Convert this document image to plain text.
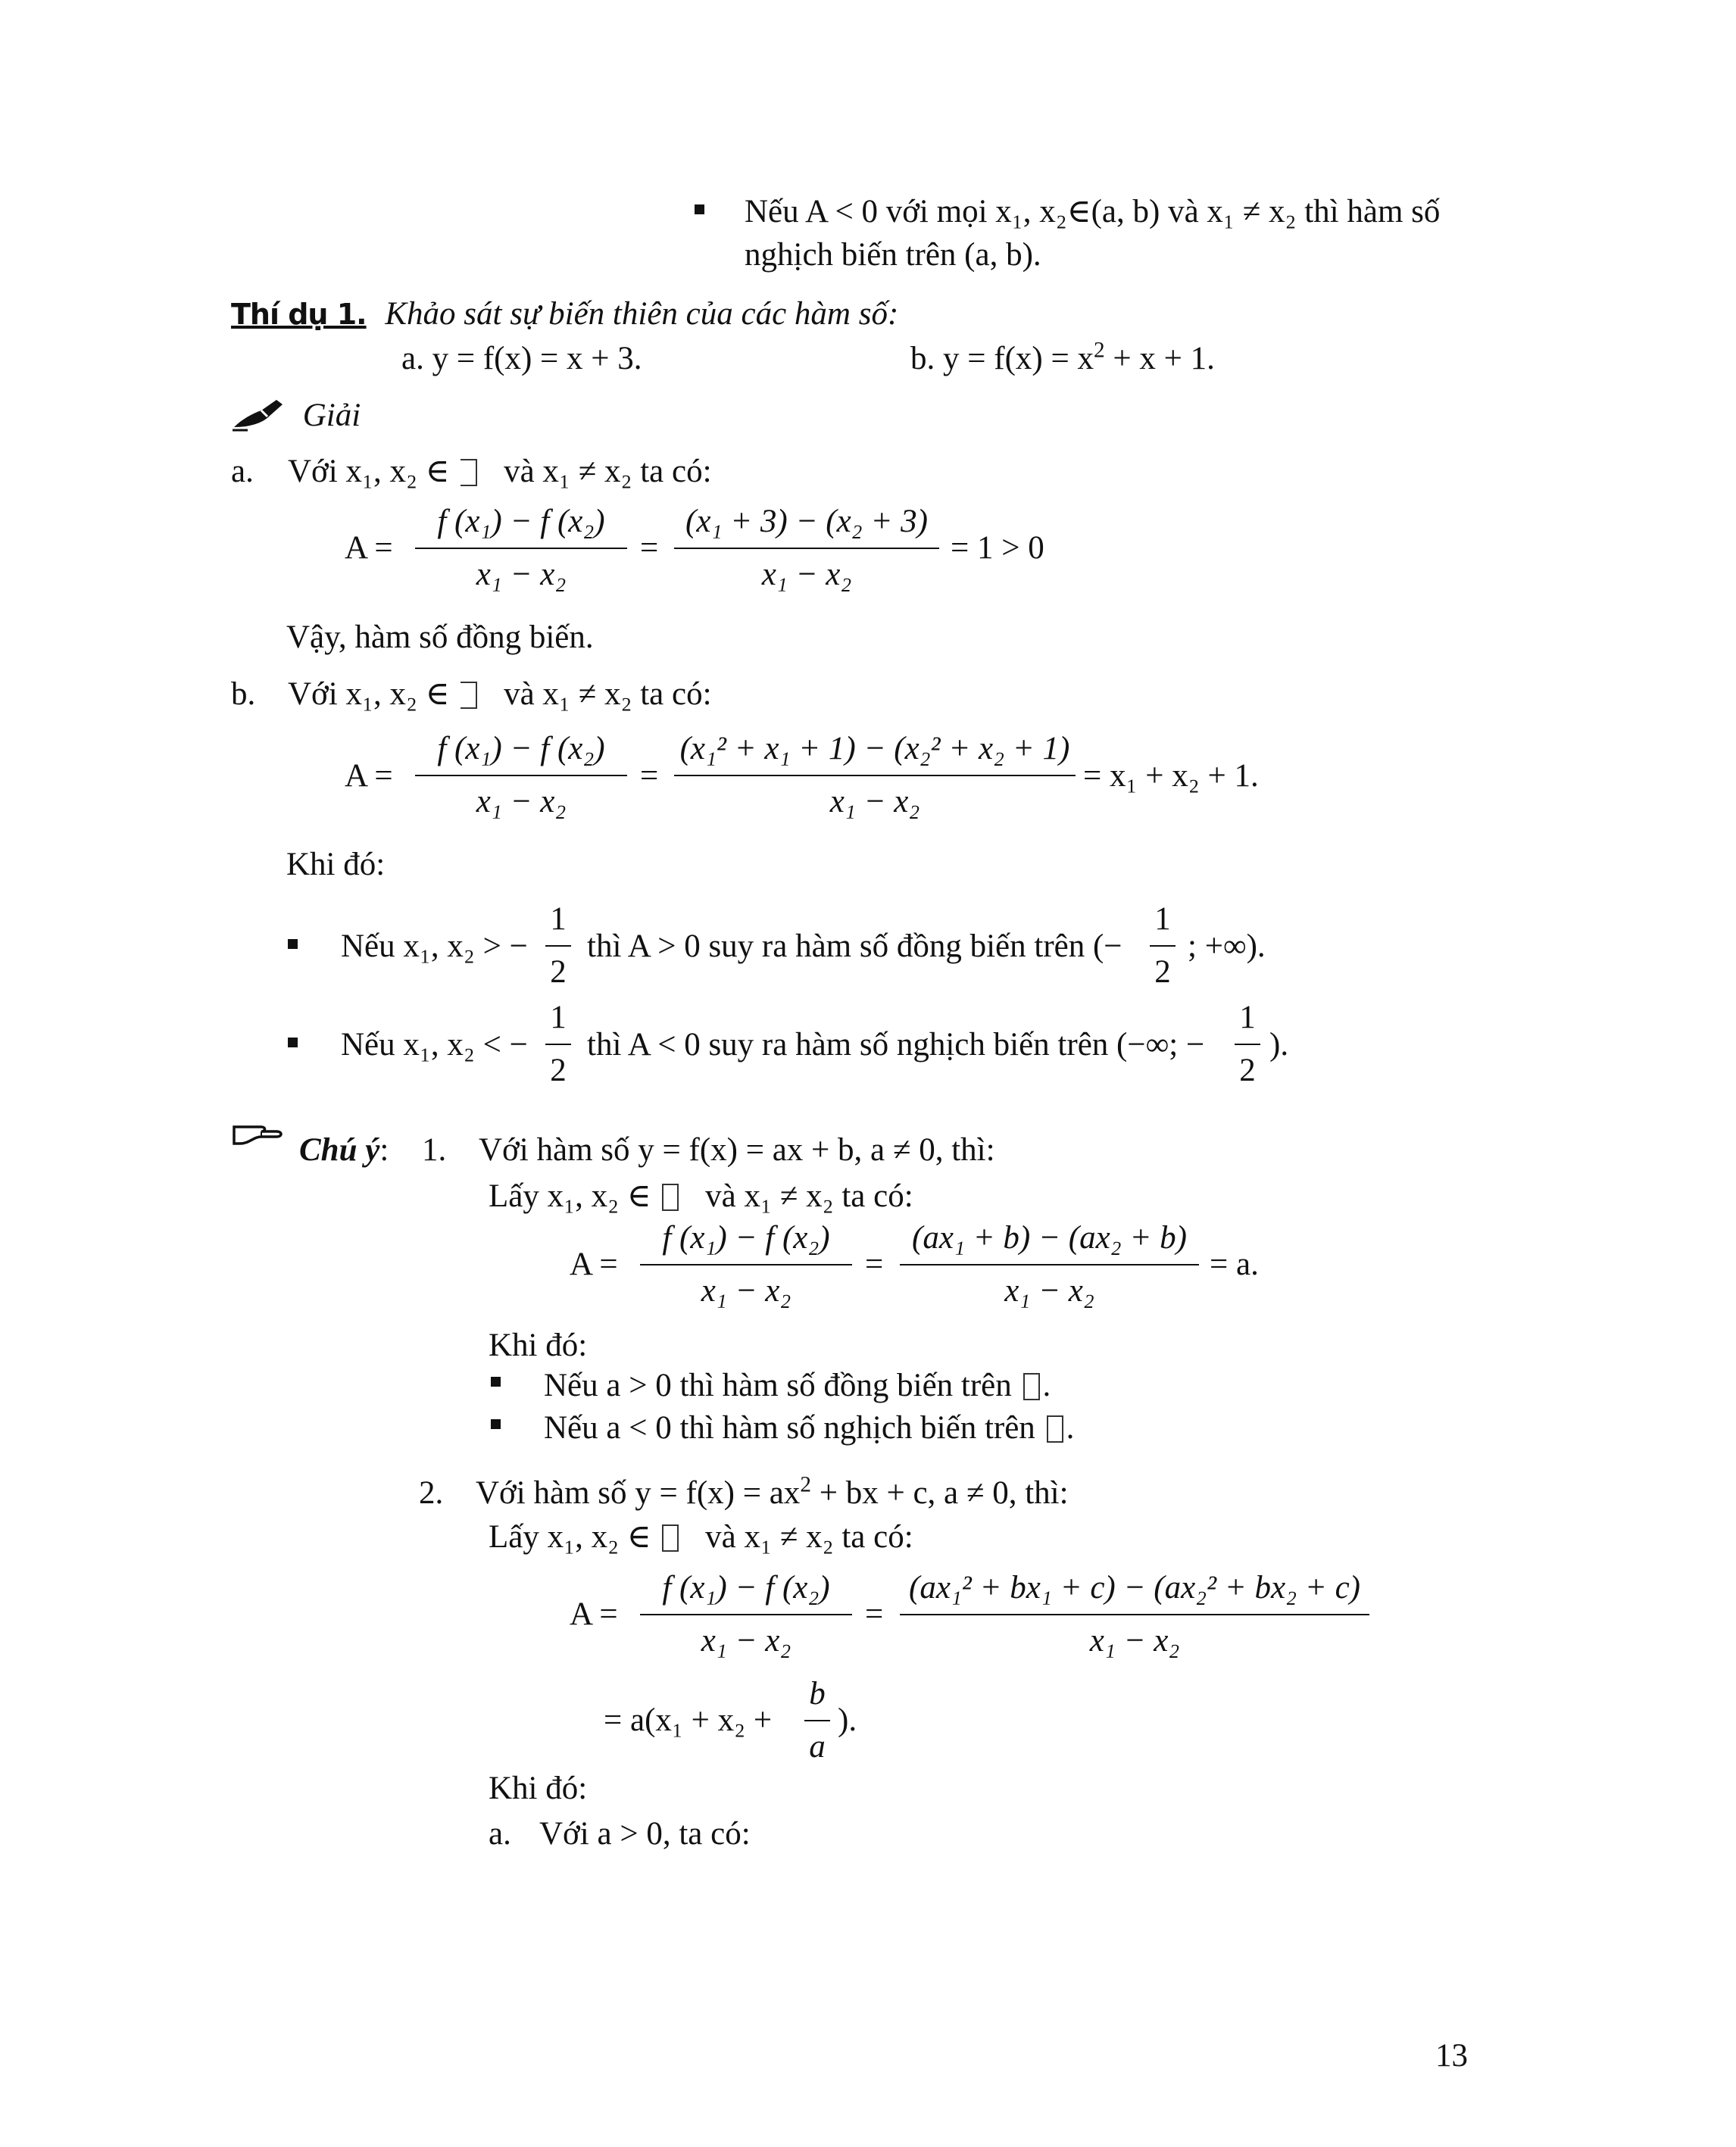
Nếu A < 0 với mọi x₁, x₂∈(a, b) và x₁ ≠ x₂ thì hàm số
nghịch biến trên (a, b).
Thí dụ 1. Khảo sát sự biến thiên của các hàm số:
a. y = f(x) = x + 3.	b. $y = f(x) = x^2 + x + 1$.
Giải
a. Với x₁, x₂ ∈ và x₁ ≠ x₂ ta có:
A =
f (x₁) − f (x₂)
x₁ − x₂
=
(x₁ + 3) − (x₂ + 3)
x₁ − x₂
= 1 > 0
Vậy, hàm số đồng biến.
b. Với x₁, x₂ ∈ và x₁ ≠ x₂ ta có:
A =
f (x₁) − f (x₂)
x₁ − x₂
=
(x₁² + x₁ + 1) − (x₂² + x₂ + 1)
x₁ − x₂
= x₁ + x₂ + 1.
Khi đó:
Nếu x₁, x₂ > −
1
2
thì A > 0 suy ra hàm số đồng biến trên (−
1
2
; +∞).
Nếu x₁, x₂ < −
1
2
thì A < 0 suy ra hàm số nghịch biến trên (−∞; −
1
2
).
Chú ý: 1. Với hàm số y = f(x) = ax + b, a ≠ 0, thì:
Lấy x₁, x₂ ∈ và x₁ ≠ x₂ ta có:
A =
f (x₁) − f (x₂)
x₁ − x₂
=
(ax₁ + b) − (ax₂ + b)
x₁ − x₂
= a.
Khi đó:
Nếu a > 0 thì hàm số đồng biến trên .
Nếu a < 0 thì hàm số nghịch biến trên .
2. Với hàm số $y = f(x) = ax^2$ + bx + c, a ≠ 0, thì:
Lấy x₁, x₂ ∈ và x₁ ≠ x₂ ta có:
A =
f (x₁) − f (x₂)
x₁ − x₂
=
(ax₁² + bx₁ + c) − (ax₂² + bx₂ + c)
x₁ − x₂
= a(x₁ + x₂ +
b
a
).
Khi đó:
a. Với a > 0, ta có:
13
